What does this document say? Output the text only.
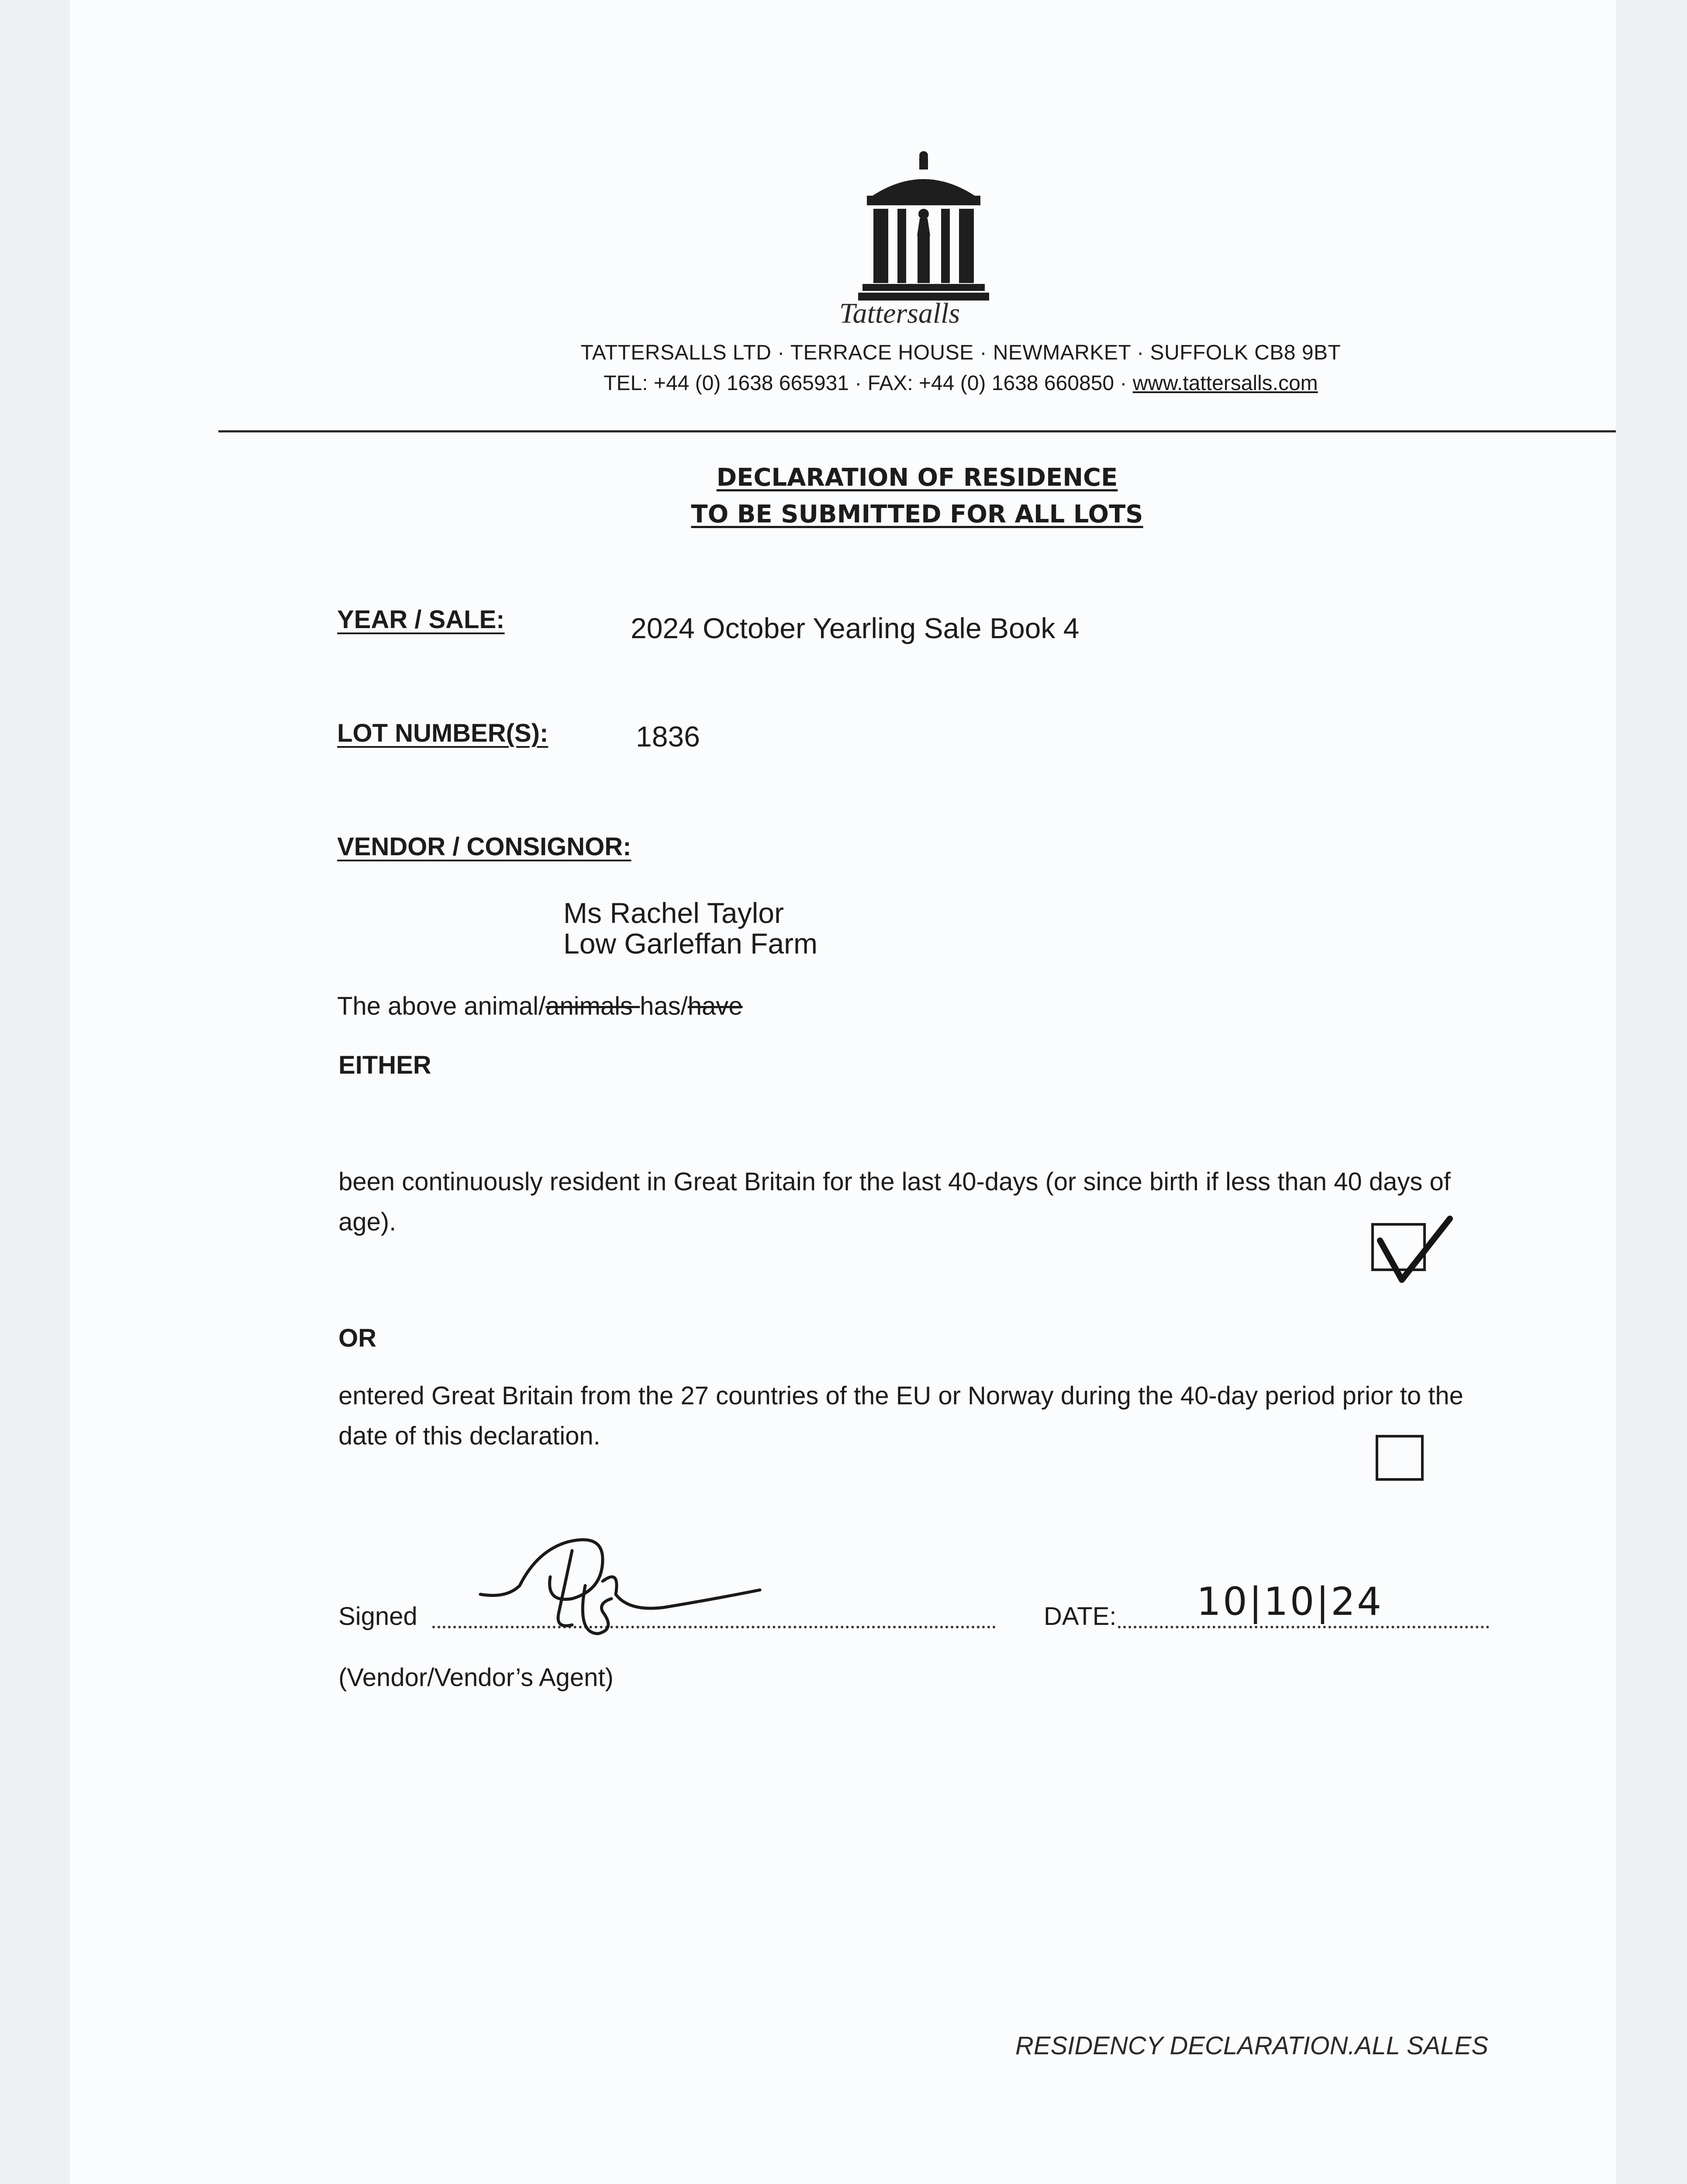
Tattersalls
TATTERSALLS LTD · TERRACE HOUSE · NEWMARKET · SUFFOLK CB8 9BT
TEL: +44 (0) 1638 665931 · FAX: +44 (0) 1638 660850 · www.tattersalls.com
DECLARATION OF RESIDENCE
TO BE SUBMITTED FOR ALL LOTS
YEAR / SALE:	2024 October Yearling Sale Book 4
LOT NUMBER(S):	1836
VENDOR / CONSIGNOR:
Ms Rachel Taylor
Low Garleffan Farm
The above animal/animals has/have
EITHER
been continuously resident in Great Britain for the last 40-days (or since birth if less than 40 days of age).
OR
entered Great Britain from the 27 countries of the EU or Norway during the 40-day period prior to the date of this declaration.
Signed	DATE: 10|10|24
(Vendor/Vendor’s Agent)
RESIDENCY DECLARATION.ALL SALES
